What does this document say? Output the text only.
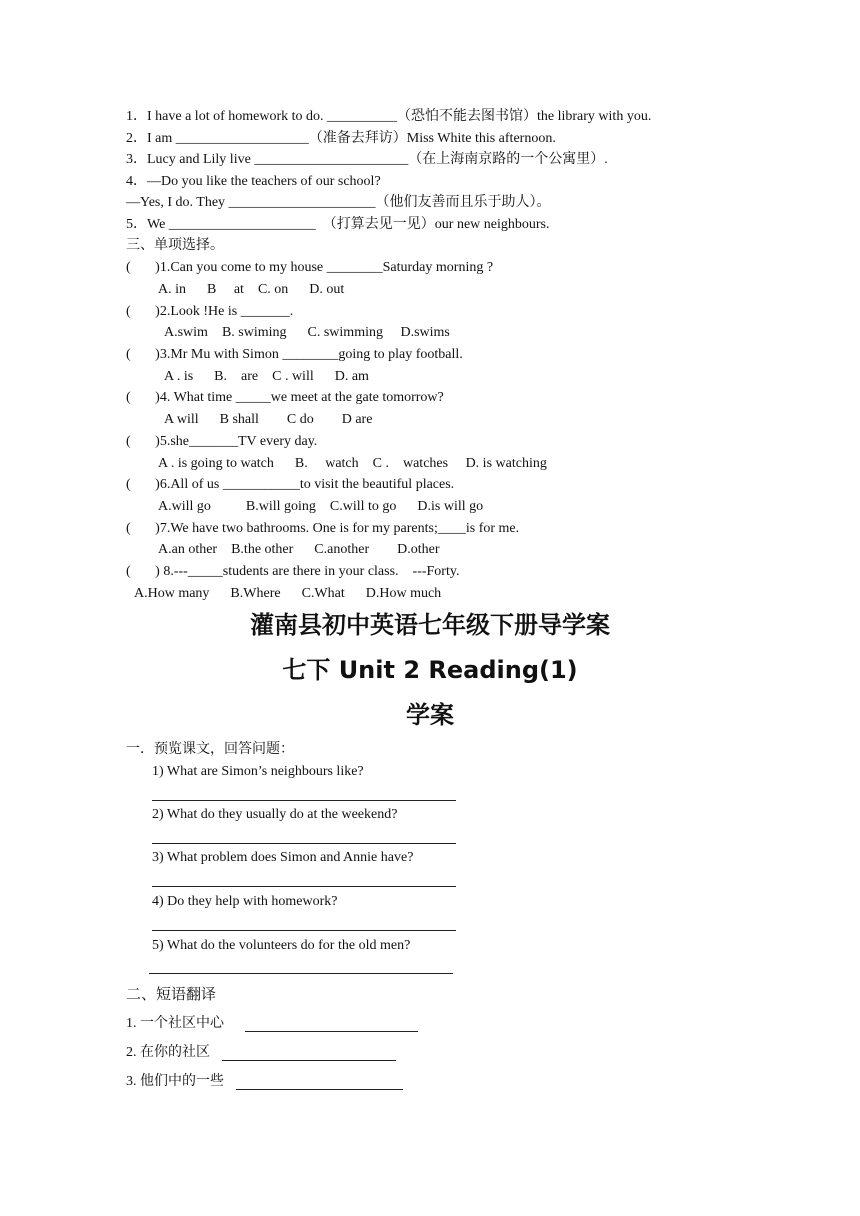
1．I have a lot of homework to do. __________（恐怕不能去图书馆）the library with you.
2．I am ___________________（准备去拜访）Miss White this afternoon.
3．Lucy and Lily live ______________________（在上海南京路的一个公寓里）.
4．—Do you like the teachers of our school?
—Yes, I do. They _____________________（他们友善而且乐于助人）。
5．We _____________________  （打算去见一见）our new neighbours.
三、单项选择。
(       )1.Can you come to my house ________Saturday morning ?
A. in      B     at    C. on      D. out
(       )2.Look !He is _______.
A.swim    B. swiming      C. swimming     D.swims
(       )3.Mr Mu with Simon ________going to play football.
A . is      B.    are    C . will      D. am
(       )4. What time _____we meet at the gate tomorrow?
A will      B shall        C do        D are
(       )5.she_______TV every day.
A . is going to watch      B.     watch    C .    watches     D. is watching
(       )6.All of us ___________to visit the beautiful places.
A.will go          B.will going    C.will to go      D.is will go
(       )7.We have two bathrooms. One is for my parents;____is for me.
A.an other    B.the other      C.another        D.other
(       ) 8.---_____students are there in your class.    ---Forty.
A.How many      B.Where      C.What      D.How much
灌南县初中英语七年级下册导学案
七下 Unit 2 Reading(1)
学案
一．预览课文，回答问题：
1) What are Simon’s neighbours like?
2) What do they usually do at the weekend?
3) What problem does Simon and Annie have?
4) Do they help with homework?
5) What do the volunteers do for the old men?
二、短语翻译
1. 一个社区中心
2. 在你的社区
3. 他们中的一些
